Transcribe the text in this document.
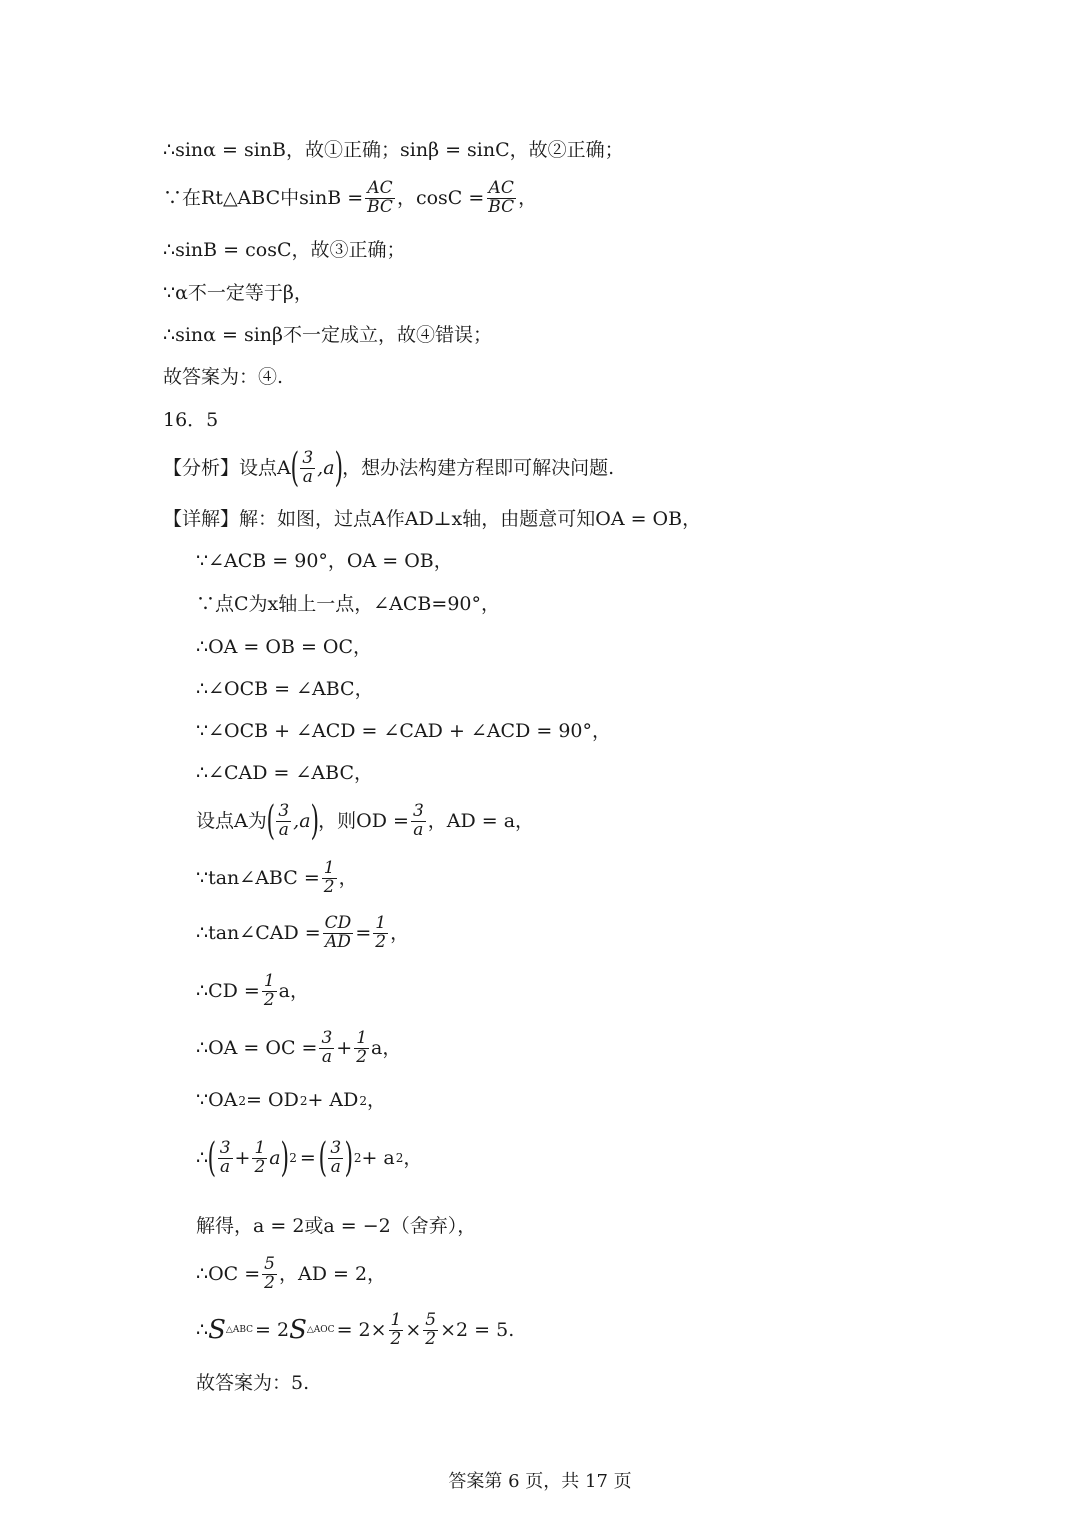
∴sinα = sinB，故①正确；sinβ = sinC，故②正确；
∵在Rt△ABC中$\sin B = \frac{AC}{BC}$ ，$\cos C = \frac{AC}{BC}$ ，
∴sinB = cosC，故③正确；
∵α不一定等于β，
∴sinα = sinβ不一定成立，故④错误；
故答案为：④.
16．5
【分析】设点A ( $\frac{3}{a} ,a$ ) ，想办法构建方程即可解决问题.
【详解】解：如图，过点A作AD⊥x轴，由题意可知OA = OB，
∵∠ACB = 90°，OA = OB，
∵点C为x轴上一点，∠ACB=90°，
∴OA = OB = OC，
∴∠OCB = ∠ABC，
∵∠OCB + ∠ACD = ∠CAD + ∠ACD = 90°，
∴∠CAD = ∠ABC，
设点A为 ( $\frac{3}{a} ,a$ ) ，则OD = $\frac{3}{a}$ ，AD = a，
∵tan∠ABC = $\frac{1}{2}$ ，
∴tan∠CAD = $\frac{CD}{AD} = \frac{1}{2}$ ，
∴CD = $\frac{1}{2}$ a，
∴OA = OC = $\frac{3}{a} + \frac{1}{2}$ a，
∵OA 2 = OD 2 + AD 2 ，
∴ ( $\frac{3}{a} + \frac{1}{2}$ a ) 2 = ( $\frac{3}{a}$ ) 2 + a 2 ，
解得，a = 2或a = −2（舍弃），
∴OC = $\frac{5}{2}$ ，AD = 2，
∴ S △ABC = 2 S △AOC = $2\times \frac{1}{2} \times \frac{5}{2} \times 2 = 5$.
故答案为：5.
答案第 6 页，共 17 页
